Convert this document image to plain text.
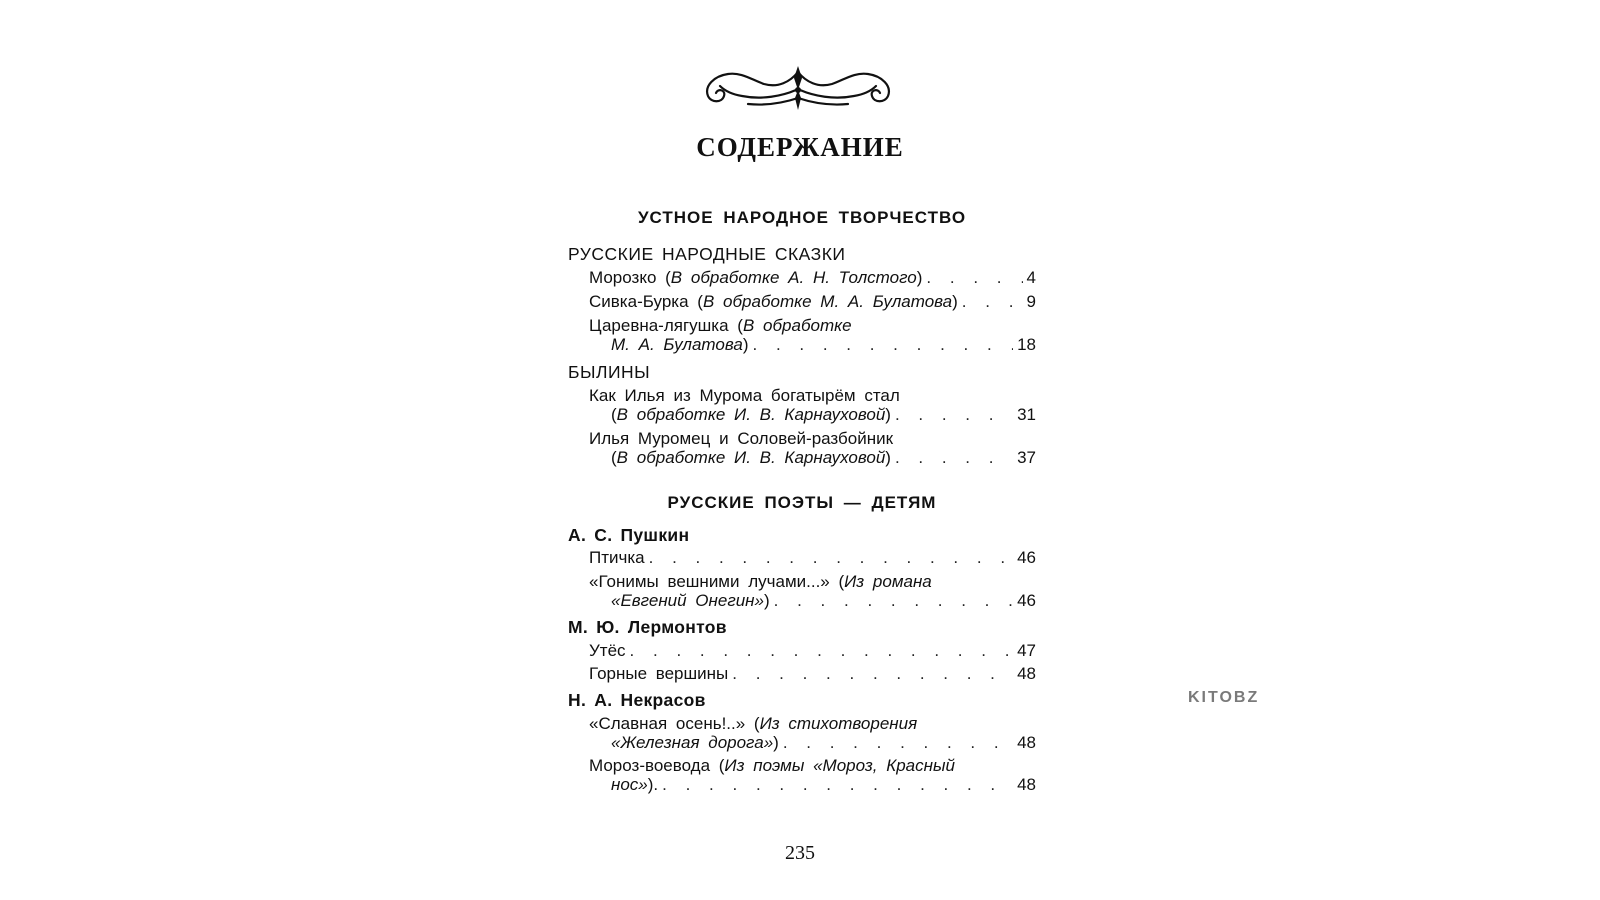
СОДЕРЖАНИЕ
УСТНОЕ НАРОДНОЕ ТВОРЧЕСТВО
РУССКИЕ НАРОДНЫЕ СКАЗКИ
Морозко (В обработке А. Н. Толстого) . . .	4
Сивка-Бурка (В обработке М. А. Булатова) . . .	9
Царевна-лягушка (В обработке
М. А. Булатова) . . .	18
БЫЛИНЫ
Как Илья из Мурома богатырём стал
(В обработке И. В. Карнауховой) . . .	31
Илья Муромец и Соловей-разбойник
(В обработке И. В. Карнауховой) . . .	37
РУССКИЕ ПОЭТЫ — ДЕТЯМ
А. С. Пушкин
Птичка . . .	46
«Гонимы вешними лучами...» (Из романа
«Евгений Онегин») . . .	46
М. Ю. Лермонтов
Утёс . . .	47
Горные вершины . . .	48
Н. А. Некрасов
«Славная осень!..» (Из стихотворения
«Железная дорога») . . .	48
Мороз-воевода (Из поэмы «Мороз, Красный
нос»). . . .	48
235
KITOBZ
